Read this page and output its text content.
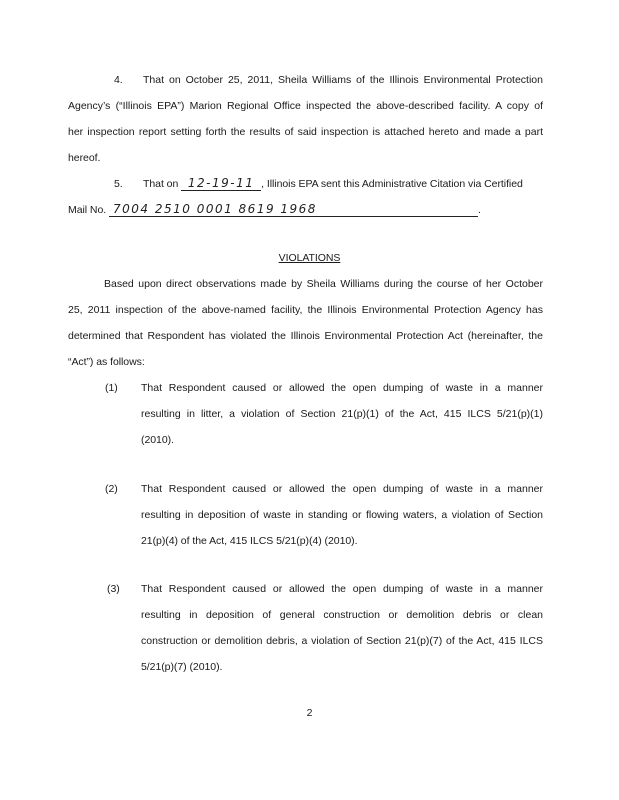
4. That on October 25, 2011, Sheila Williams of the Illinois Environmental Protection
Agency’s (“Illinois EPA”) Marion Regional Office inspected the above-described facility. A copy of
her inspection report setting forth the results of said inspection is attached hereto and made a part
hereof.
5. That on 12-19-11 , Illinois EPA sent this Administrative Citation via Certified
Mail No. 7004 2510 0001 8619 1968	.
VIOLATIONS
Based upon direct observations made by Sheila Williams during the course of her October
25, 2011 inspection of the above-named facility, the Illinois Environmental Protection Agency has
determined that Respondent has violated the Illinois Environmental Protection Act (hereinafter, the
“Act”) as follows:
(1) That Respondent caused or allowed the open dumping of waste in a manner
resulting in litter, a violation of Section 21(p)(1) of the Act, 415 ILCS 5/21(p)(1)
(2010).
(2) That Respondent caused or allowed the open dumping of waste in a manner
resulting in deposition of waste in standing or flowing waters, a violation of Section
21(p)(4) of the Act, 415 ILCS 5/21(p)(4) (2010).
(3) That Respondent caused or allowed the open dumping of waste in a manner
resulting in deposition of general construction or demolition debris or clean
construction or demolition debris, a violation of Section 21(p)(7) of the Act, 415 ILCS
5/21(p)(7) (2010).
2
